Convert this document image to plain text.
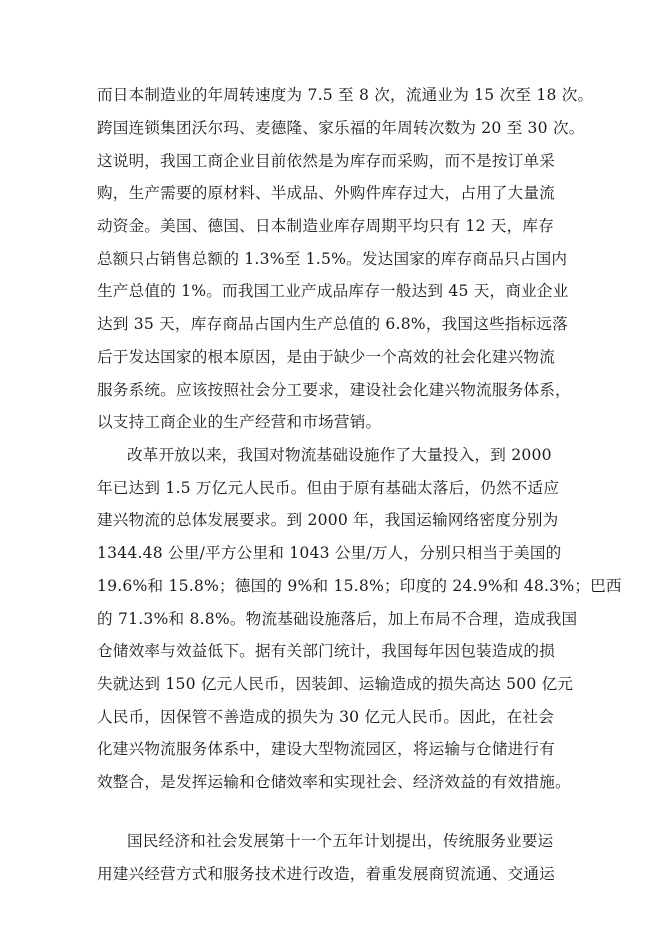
而日本制造业的年周转速度为 7.5 至 8 次，流通业为 15 次至 18 次。
跨国连锁集团沃尔玛、麦德隆、家乐福的年周转次数为 20 至 30 次。
这说明，我国工商企业目前依然是为库存而采购，而不是按订单采
购，生产需要的原材料、半成品、外购件库存过大，占用了大量流
动资金。美国、德国、日本制造业库存周期平均只有 12 天，库存
总额只占销售总额的 1.3%至 1.5%。发达国家的库存商品只占国内
生产总值的 1%。而我国工业产成品库存一般达到 45 天，商业企业
达到 35 天，库存商品占国内生产总值的 6.8%，我国这些指标远落
后于发达国家的根本原因，是由于缺少一个高效的社会化建兴物流
服务系统。应该按照社会分工要求，建设社会化建兴物流服务体系，
以支持工商企业的生产经营和市场营销。
改革开放以来，我国对物流基础设施作了大量投入，到 2000
年已达到 1.5 万亿元人民币。但由于原有基础太落后，仍然不适应
建兴物流的总体发展要求。到 2000 年，我国运输网络密度分别为
1344.48 公里/平方公里和 1043 公里/万人，分别只相当于美国的
19.6%和 15.8%；德国的 9%和 15.8%；印度的 24.9%和 48.3%；巴西
的 71.3%和 8.8%。物流基础设施落后，加上布局不合理，造成我国
仓储效率与效益低下。据有关部门统计，我国每年因包装造成的损
失就达到 150 亿元人民币，因装卸、运输造成的损失高达 500 亿元
人民币，因保管不善造成的损失为 30 亿元人民币。因此，在社会
化建兴物流服务体系中，建设大型物流园区，将运输与仓储进行有
效整合，是发挥运输和仓储效率和实现社会、经济效益的有效措施。
国民经济和社会发展第十一个五年计划提出，传统服务业要运
用建兴经营方式和服务技术进行改造，着重发展商贸流通、交通运
